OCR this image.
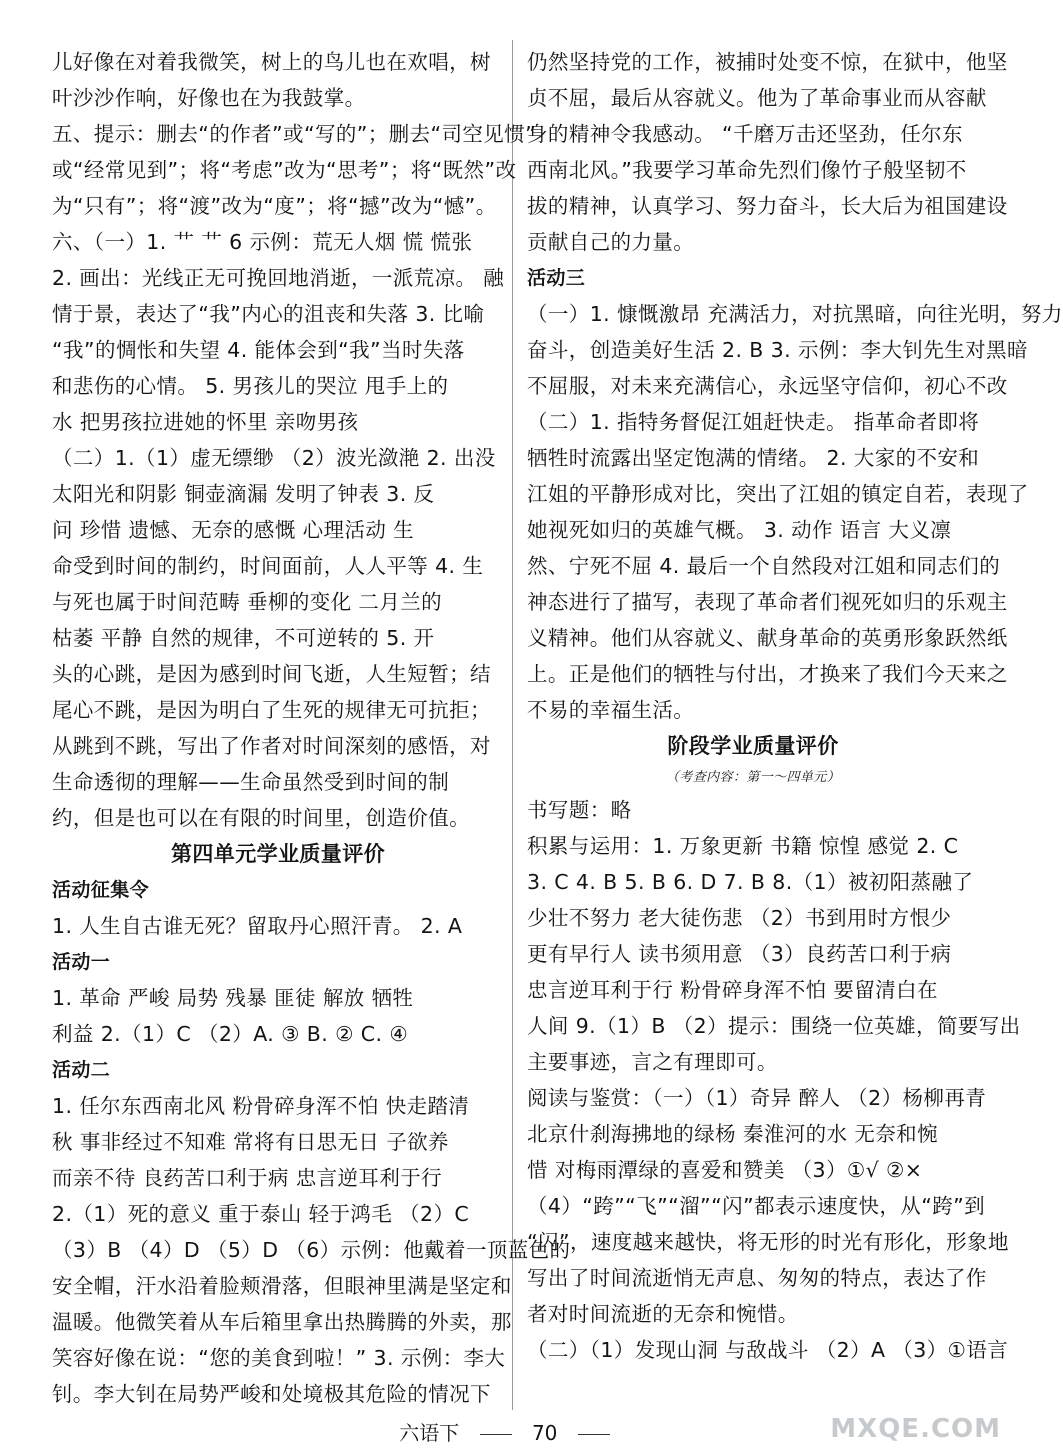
儿好像在对着我微笑，树上的鸟儿也在欢唱，树
叶沙沙作响，好像也在为我鼓掌。
五、提示：删去“的作者”或“写的”；删去“司空见惯”
或“经常见到”；将“考虑”改为“思考”；将“既然”改
为“只有”；将“渡”改为“度”；将“撼”改为“憾”。
六、（一）1. ⺾ ⺾ 6 示例：荒无人烟 慌 慌张
2. 画出：光线正无可挽回地消逝，一派荒凉。 融
情于景，表达了“我”内心的沮丧和失落 3. 比喻
“我”的惆怅和失望 4. 能体会到“我”当时失落
和悲伤的心情。 5. 男孩儿的哭泣 甩手上的
水 把男孩拉进她的怀里 亲吻男孩
（二）1.（1）虚无缥缈 （2）波光潋滟 2. 出没
太阳光和阴影 铜壶滴漏 发明了钟表 3. 反
问 珍惜 遗憾、无奈的感慨 心理活动 生
命受到时间的制约，时间面前，人人平等 4. 生
与死也属于时间范畴 垂柳的变化 二月兰的
枯萎 平静 自然的规律，不可逆转的 5. 开
头的心跳，是因为感到时间飞逝，人生短暂；结
尾心不跳，是因为明白了生死的规律无可抗拒；
从跳到不跳，写出了作者对时间深刻的感悟，对
生命透彻的理解——生命虽然受到时间的制
约，但是也可以在有限的时间里，创造价值。
第四单元学业质量评价
活动征集令
1. 人生自古谁无死？留取丹心照汗青。 2. A
活动一
1. 革命 严峻 局势 残暴 匪徒 解放 牺牲
利益 2.（1）C （2）A. ③ B. ② C. ④
活动二
1. 任尔东西南北风 粉骨碎身浑不怕 快走踏清
秋 事非经过不知难 常将有日思无日 子欲养
而亲不待 良药苦口利于病 忠言逆耳利于行
2.（1）死的意义 重于泰山 轻于鸿毛 （2）C
（3）B （4）D （5）D （6）示例：他戴着一顶蓝色的
安全帽，汗水沿着脸颊滑落，但眼神里满是坚定和
温暖。他微笑着从车后箱里拿出热腾腾的外卖，那
笑容好像在说：“您的美食到啦！” 3. 示例：李大
钊。李大钊在局势严峻和处境极其危险的情况下
仍然坚持党的工作，被捕时处变不惊，在狱中，他坚
贞不屈，最后从容就义。他为了革命事业而从容献
身的精神令我感动。 “千磨万击还坚劲，任尔东
西南北风。”我要学习革命先烈们像竹子般坚韧不
拔的精神，认真学习、努力奋斗，长大后为祖国建设
贡献自己的力量。
活动三
（一）1. 慷慨激昂 充满活力，对抗黑暗，向往光明，努力
奋斗，创造美好生活 2. B 3. 示例：李大钊先生对黑暗
不屈服，对未来充满信心，永远坚守信仰，初心不改
（二）1. 指特务督促江姐赶快走。 指革命者即将
牺牲时流露出坚定饱满的情绪。 2. 大家的不安和
江姐的平静形成对比，突出了江姐的镇定自若，表现了
她视死如归的英雄气概。 3. 动作 语言 大义凛
然、宁死不屈 4. 最后一个自然段对江姐和同志们的
神态进行了描写，表现了革命者们视死如归的乐观主
义精神。他们从容就义、献身革命的英勇形象跃然纸
上。正是他们的牺牲与付出，才换来了我们今天来之
不易的幸福生活。
阶段学业质量评价
（考查内容：第一～四单元）
书写题：略
积累与运用：1. 万象更新 书籍 惊惶 感觉 2. C
3. C 4. B 5. B 6. D 7. B 8.（1）被初阳蒸融了
少壮不努力 老大徒伤悲 （2）书到用时方恨少
更有早行人 读书须用意 （3）良药苦口利于病
忠言逆耳利于行 粉骨碎身浑不怕 要留清白在
人间 9.（1）B （2）提示：围绕一位英雄，简要写出
主要事迹，言之有理即可。
阅读与鉴赏：（一）（1）奇异 醉人 （2）杨柳再青
北京什刹海拂地的绿杨 秦淮河的水 无奈和惋
惜 对梅雨潭绿的喜爱和赞美 （3）①√ ②×
（4）“跨”“飞”“溜”“闪”都表示速度快，从“跨”到
“闪”，速度越来越快，将无形的时光有形化，形象地
写出了时间流逝悄无声息、匆匆的特点，表达了作
者对时间流逝的无奈和惋惜。
（二）（1）发现山洞 与敌战斗 （2）A （3）①语言
六语下	70	MXQE.COM
